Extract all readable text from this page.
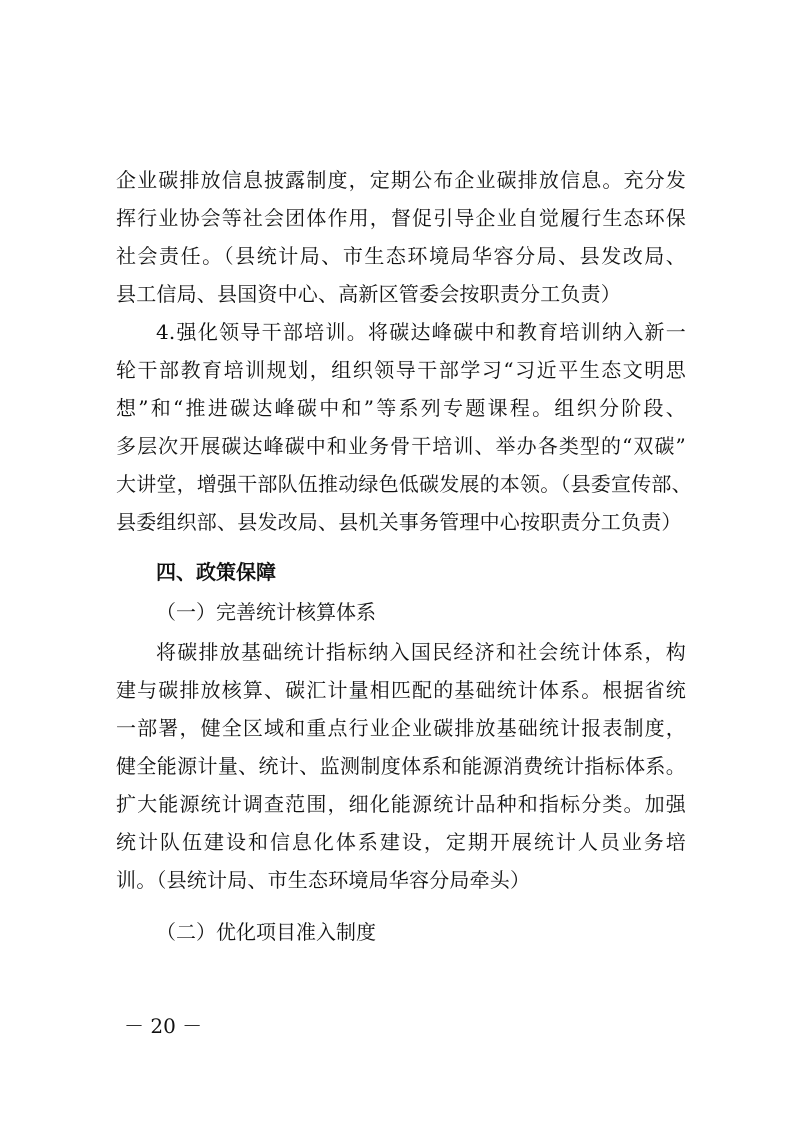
企业碳排放信息披露制度，定期公布企业碳排放信息。充分发
挥行业协会等社会团体作用，督促引导企业自觉履行生态环保
社会责任。（县统计局、市生态环境局华容分局、县发改局、
县工信局、县国资中心、高新区管委会按职责分工负责）
4.强化领导干部培训。将碳达峰碳中和教育培训纳入新一
轮干部教育培训规划，组织领导干部学习“习近平生态文明思
想”和“推进碳达峰碳中和”等系列专题课程。组织分阶段、
多层次开展碳达峰碳中和业务骨干培训、举办各类型的“双碳”
大讲堂，增强干部队伍推动绿色低碳发展的本领。（县委宣传部、
县委组织部、县发改局、县机关事务管理中心按职责分工负责）
四、政策保障
（一）完善统计核算体系
将碳排放基础统计指标纳入国民经济和社会统计体系，构
建与碳排放核算、碳汇计量相匹配的基础统计体系。根据省统
一部署，健全区域和重点行业企业碳排放基础统计报表制度，
健全能源计量、统计、监测制度体系和能源消费统计指标体系。
扩大能源统计调查范围，细化能源统计品种和指标分类。加强
统计队伍建设和信息化体系建设，定期开展统计人员业务培
训。（县统计局、市生态环境局华容分局牵头）
（二）优化项目准入制度
－ 20 －
